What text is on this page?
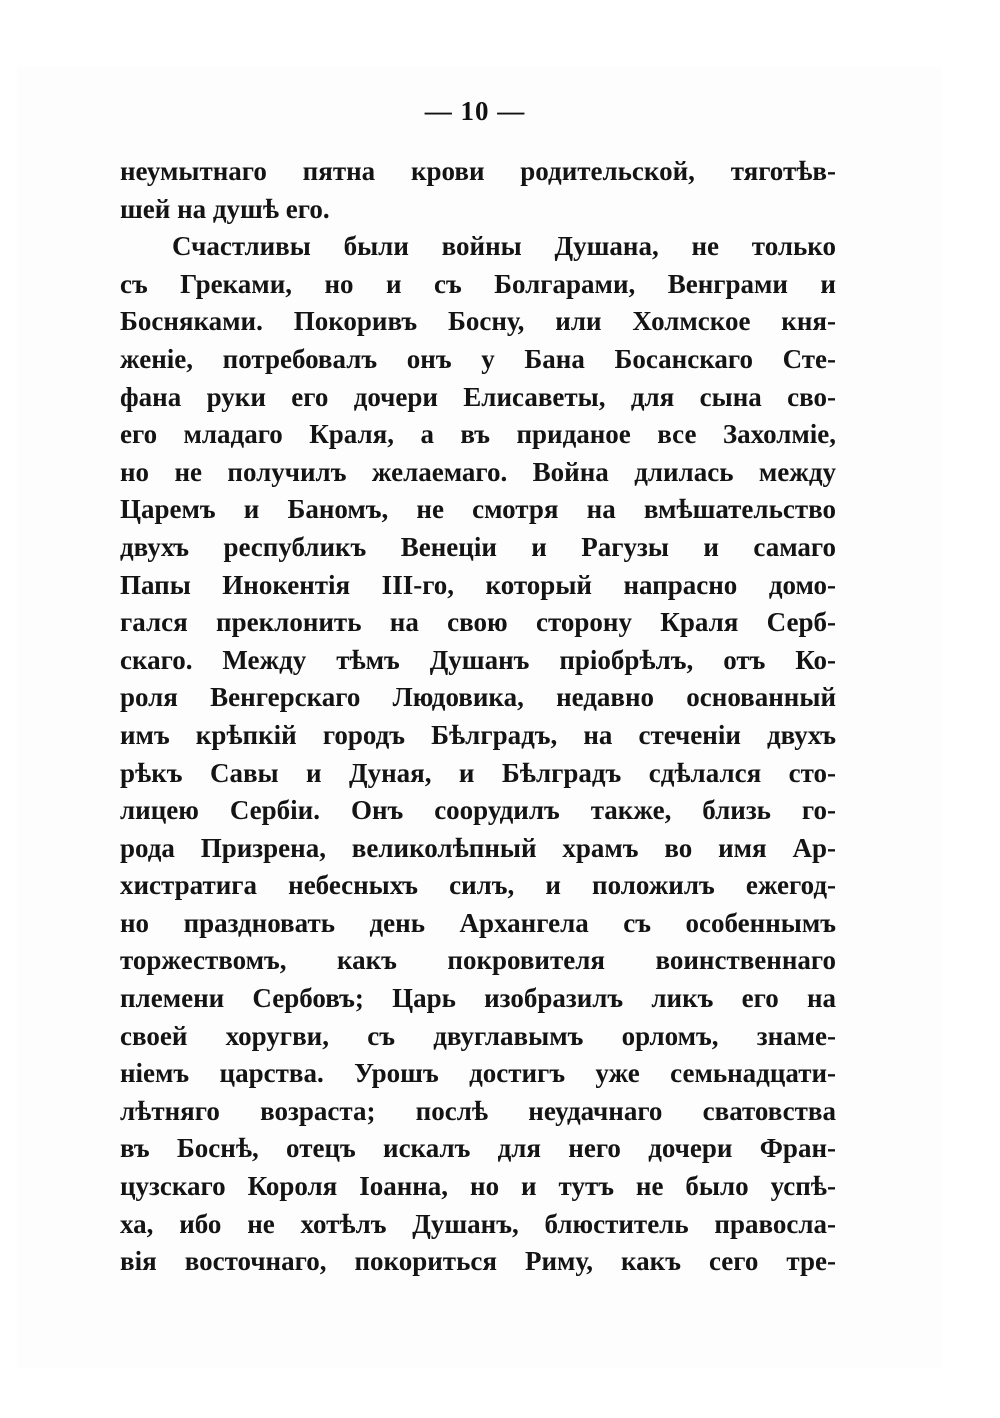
— 10 —
неумытнаго пятна крови родительской, тяготѣв-
шей на душѣ его.
Счастливы были войны Душана, не только
съ Греками, но и съ Болгарами, Венграми и
Босняками. Покоривъ Босну, или Холмское кня-
женіе, потребовалъ онъ у Бана Босанскаго Сте-
фана руки его дочери Елисаветы, для сына сво-
его младаго Краля, а въ приданое все Захолміе,
но не получилъ желаемаго. Война длилась между
Царемъ и Баномъ, не смотря на вмѣшательство
двухъ республикъ Венеціи и Рагузы и самаго
Папы Инокентія III-го, который напрасно домо-
гался преклонить на свою сторону Краля Серб-
скаго. Между тѣмъ Душанъ пріобрѣлъ, отъ Ко-
роля Венгерскаго Людовика, недавно основанный
имъ крѣпкій городъ Бѣлградъ, на стеченіи двухъ
рѣкъ Савы и Дуная, и Бѣлградъ сдѣлался сто-
лицею Сербіи. Онъ соорудилъ также, близь го-
рода Призрена, великолѣпный храмъ во имя Ар-
хистратига небесныхъ силъ, и положилъ ежегод-
но праздновать день Архангела съ особеннымъ
торжествомъ, какъ покровителя воинственнаго
племени Сербовъ; Царь изобразилъ ликъ его на
своей хоругви, съ двуглавымъ орломъ, знаме-
ніемъ царства. Урошъ достигъ уже семьнадцати-
лѣтняго возраста; послѣ неудачнаго сватовства
въ Боснѣ, отецъ искалъ для него дочери Фран-
цузскаго Короля Іоанна, но и тутъ не было успѣ-
ха, ибо не хотѣлъ Душанъ, блюститель правосла-
вія восточнаго, покориться Риму, какъ сего тре-
